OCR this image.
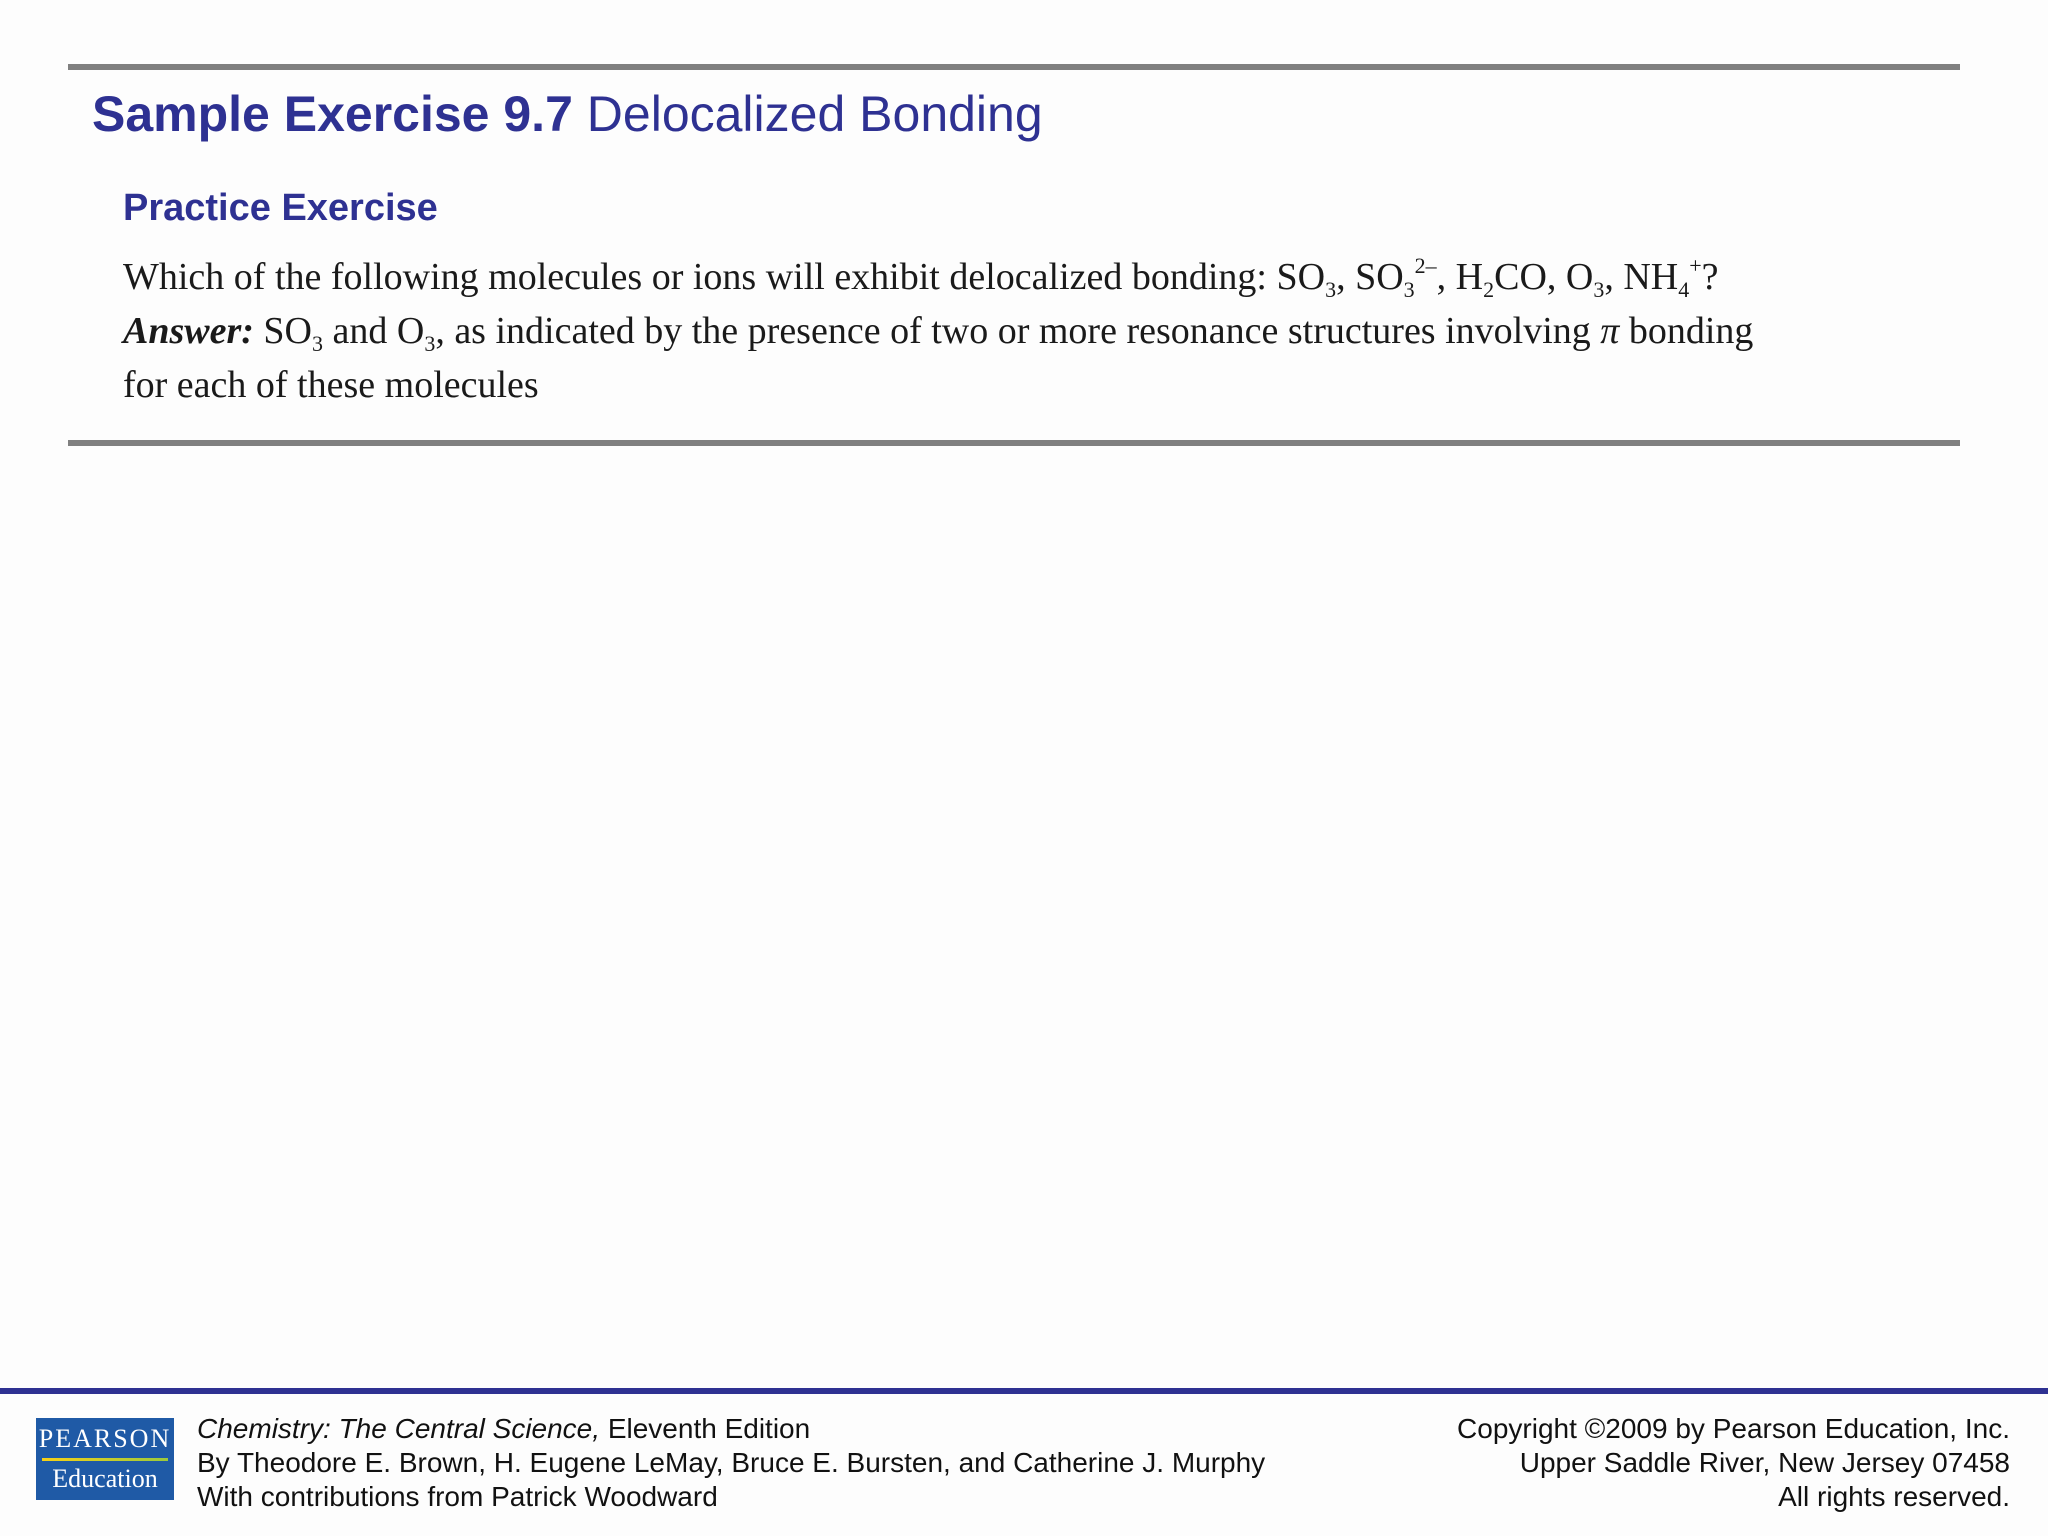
Sample Exercise 9.7 Delocalized Bonding
Practice Exercise
Which of the following molecules or ions will exhibit delocalized bonding: $SO_3$, $SO_3^{2-}$, $H_2CO$, $O_3$, $NH_4^+$?
Answer: $SO_3$ and $O_3$, as indicated by the presence of two or more resonance structures involving π bonding
for each of these molecules
PEARSON
Education
Chemistry: The Central Science, Eleventh Edition
By Theodore E. Brown, H. Eugene LeMay, Bruce E. Bursten, and Catherine J. Murphy
With contributions from Patrick Woodward
Copyright ©2009 by Pearson Education, Inc.
Upper Saddle River, New Jersey 07458
All rights reserved.
